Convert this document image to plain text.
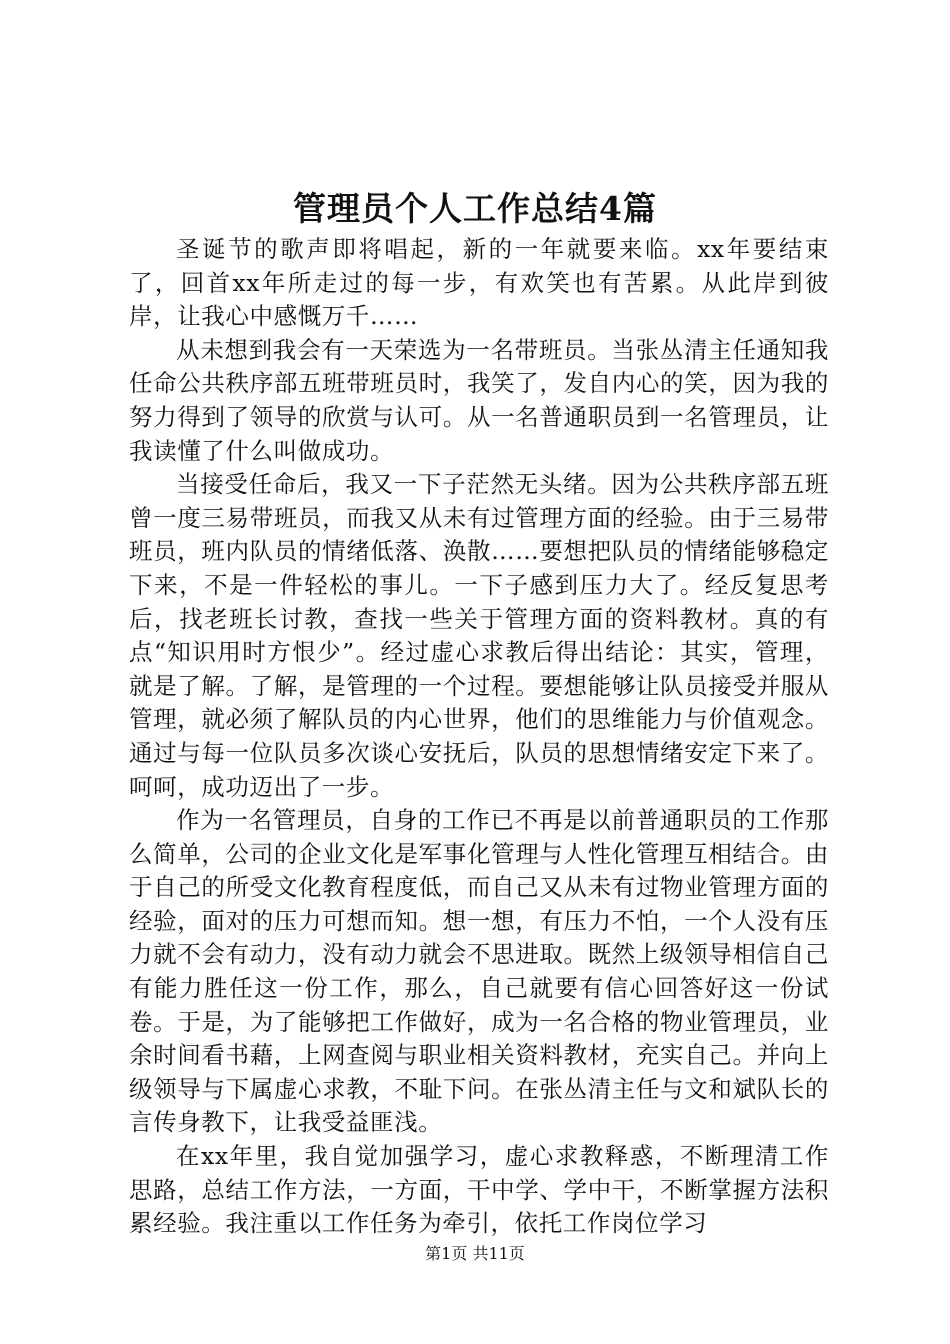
管理员个人工作总结4篇

圣诞节的歌声即将唱起，新的一年就要来临。xx年要结束了，回首xx年所走过的每一步，有欢笑也有苦累。从此岸到彼岸，让我心中感慨万千……

从未想到我会有一天荣选为一名带班员。当张丛清主任通知我任命公共秩序部五班带班员时，我笑了，发自内心的笑，因为我的努力得到了领导的欣赏与认可。从一名普通职员到一名管理员，让我读懂了什么叫做成功。

当接受任命后，我又一下子茫然无头绪。因为公共秩序部五班曾一度三易带班员，而我又从未有过管理方面的经验。由于三易带班员，班内队员的情绪低落、涣散……要想把队员的情绪能够稳定下来，不是一件轻松的事儿。一下子感到压力大了。经反复思考后，找老班长讨教，查找一些关于管理方面的资料教材。真的有点“知识用时方恨少”。经过虚心求教后得出结论：其实，管理，就是了解。了解，是管理的一个过程。要想能够让队员接受并服从管理，就必须了解队员的内心世界，他们的思维能力与价值观念。通过与每一位队员多次谈心安抚后，队员的思想情绪安定下来了。呵呵，成功迈出了一步。

作为一名管理员，自身的工作已不再是以前普通职员的工作那么简单，公司的企业文化是军事化管理与人性化管理互相结合。由于自己的所受文化教育程度低，而自己又从未有过物业管理方面的经验，面对的压力可想而知。想一想，有压力不怕，一个人没有压力就不会有动力，没有动力就会不思进取。既然上级领导相信自己有能力胜任这一份工作，那么，自己就要有信心回答好这一份试卷。于是，为了能够把工作做好，成为一名合格的物业管理员，业余时间看书藉，上网查阅与职业相关资料教材，充实自己。并向上级领导与下属虚心求教，不耻下问。在张丛清主任与文和斌队长的言传身教下，让我受益匪浅。

在xx年里，我自觉加强学习，虚心求教释惑，不断理清工作思路，总结工作方法，一方面，干中学、学中干，不断掌握方法积累经验。我注重以工作任务为牵引，依托工作岗位学习

第1页 共11页
